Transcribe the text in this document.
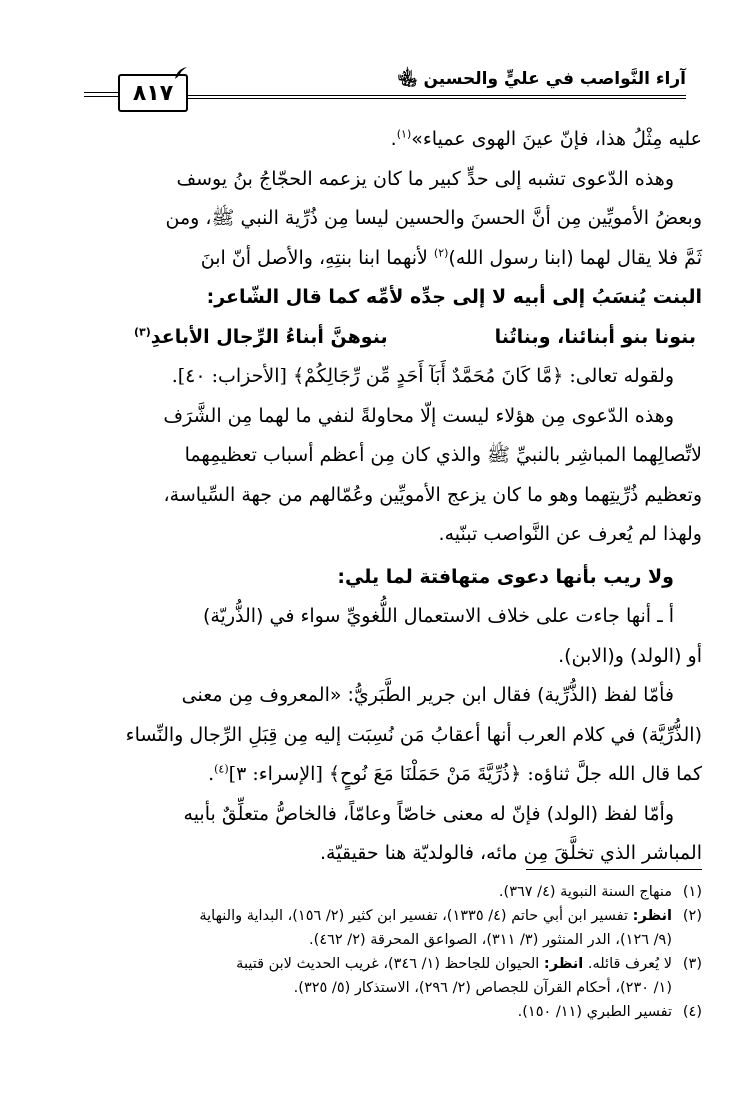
آراء النَّواصب في عليٍّ والحسين ﵄
٨١٧

عليه مِثْلُ هذا، فإنّ عينَ الهوى عمياء»$^{(١)}$.

وهذه الدّعوى تشبه إلى حدٍّ كبير ما كان يزعمه الحجّاجُ بنُ يوسف

وبعضُ الأمويِّين مِن أنَّ الحسنَ والحسين ليسا مِن ذُرِّية النبي ﷺ، ومن

ثَمَّ فلا يقال لهما (ابنا رسول الله)$^{(٢)}$ لأنهما ابنا بنتِهِ، والأصل أنّ ابنَ

البنت يُنسَبُ إلى أبيه لا إلى جدِّه لأمِّه كما قال الشّاعر:

بنونا بنو أبنائنا، وبناتُنا
بنوهنَّ أبناءُ الرِّجال الأباعدِ$^{(٣)}$

ولقوله تعالى: ﴿مَّا كَانَ مُحَمَّدٌ أَبَآ أَحَدٍ مِّن رِّجَالِكُمْ﴾ [الأحزاب: ٤٠].

وهذه الدّعوى مِن هؤلاء ليست إلّا محاولةً لنفي ما لهما مِن الشَّرَف

لاتِّصالِهما المباشِر بالنبيِّ ﷺ والذي كان مِن أعظم أسباب تعظيمِهما

وتعظيم ذُرِّيتِهما وهو ما كان يزعج الأمويِّين وعُمّالهم من جهة السِّياسة،

ولهذا لم يُعرف عن النَّواصب تبنّيه.

ولا ريب بأنها دعوى متهافتة لما يلي:

أ ـ أنها جاءت على خلاف الاستعمال اللُّغويِّ سواء في (الذُّريّة)

أو (الولد) و(الابن).

فأمّا لفظ (الذُّرِّية) فقال ابن جرير الطَّبَريُّ: «المعروف مِن معنى

(الذُّرِّيَّة) في كلام العرب أنها أعقابُ مَن نُسِبَت إليه مِن قِبَلِ الرِّجال والنِّساء

كما قال الله جلَّ ثناؤه: ﴿ذُرِّيَّةَ مَنْ حَمَلْنَا مَعَ نُوحٍ﴾ [الإسراء: ٣]$^{(٤)}$.

وأمّا لفظ (الولد) فإنّ له معنى خاصّاً وعامّاً، فالخاصُّ متعلِّقٌ بأبيه

المباشر الذي تخلَّقَ مِن مائه، فالولديّة هنا حقيقيّة.

(١)
منهاج السنة النبوية (٤/ ٣٦٧).
(٢)
انظر: تفسير ابن أبي حاتم (٤/ ١٣٣٥)، تفسير ابن كثير (٢/ ١٥٦)، البداية والنهاية
(٩/ ١٢٦)، الدر المنثور (٣/ ٣١١)، الصواعق المحرقة (٢/ ٤٦٢).
(٣)
لا يُعرف قائله. انظر: الحيوان للجاحظ (١/ ٣٤٦)، غريب الحديث لابن قتيبة
(١/ ٢٣٠)، أحكام القرآن للجصاص (٢/ ٢٩٦)، الاستذكار (٥/ ٣٢٥).
(٤)
تفسير الطبري (١١/ ١٥٠).
